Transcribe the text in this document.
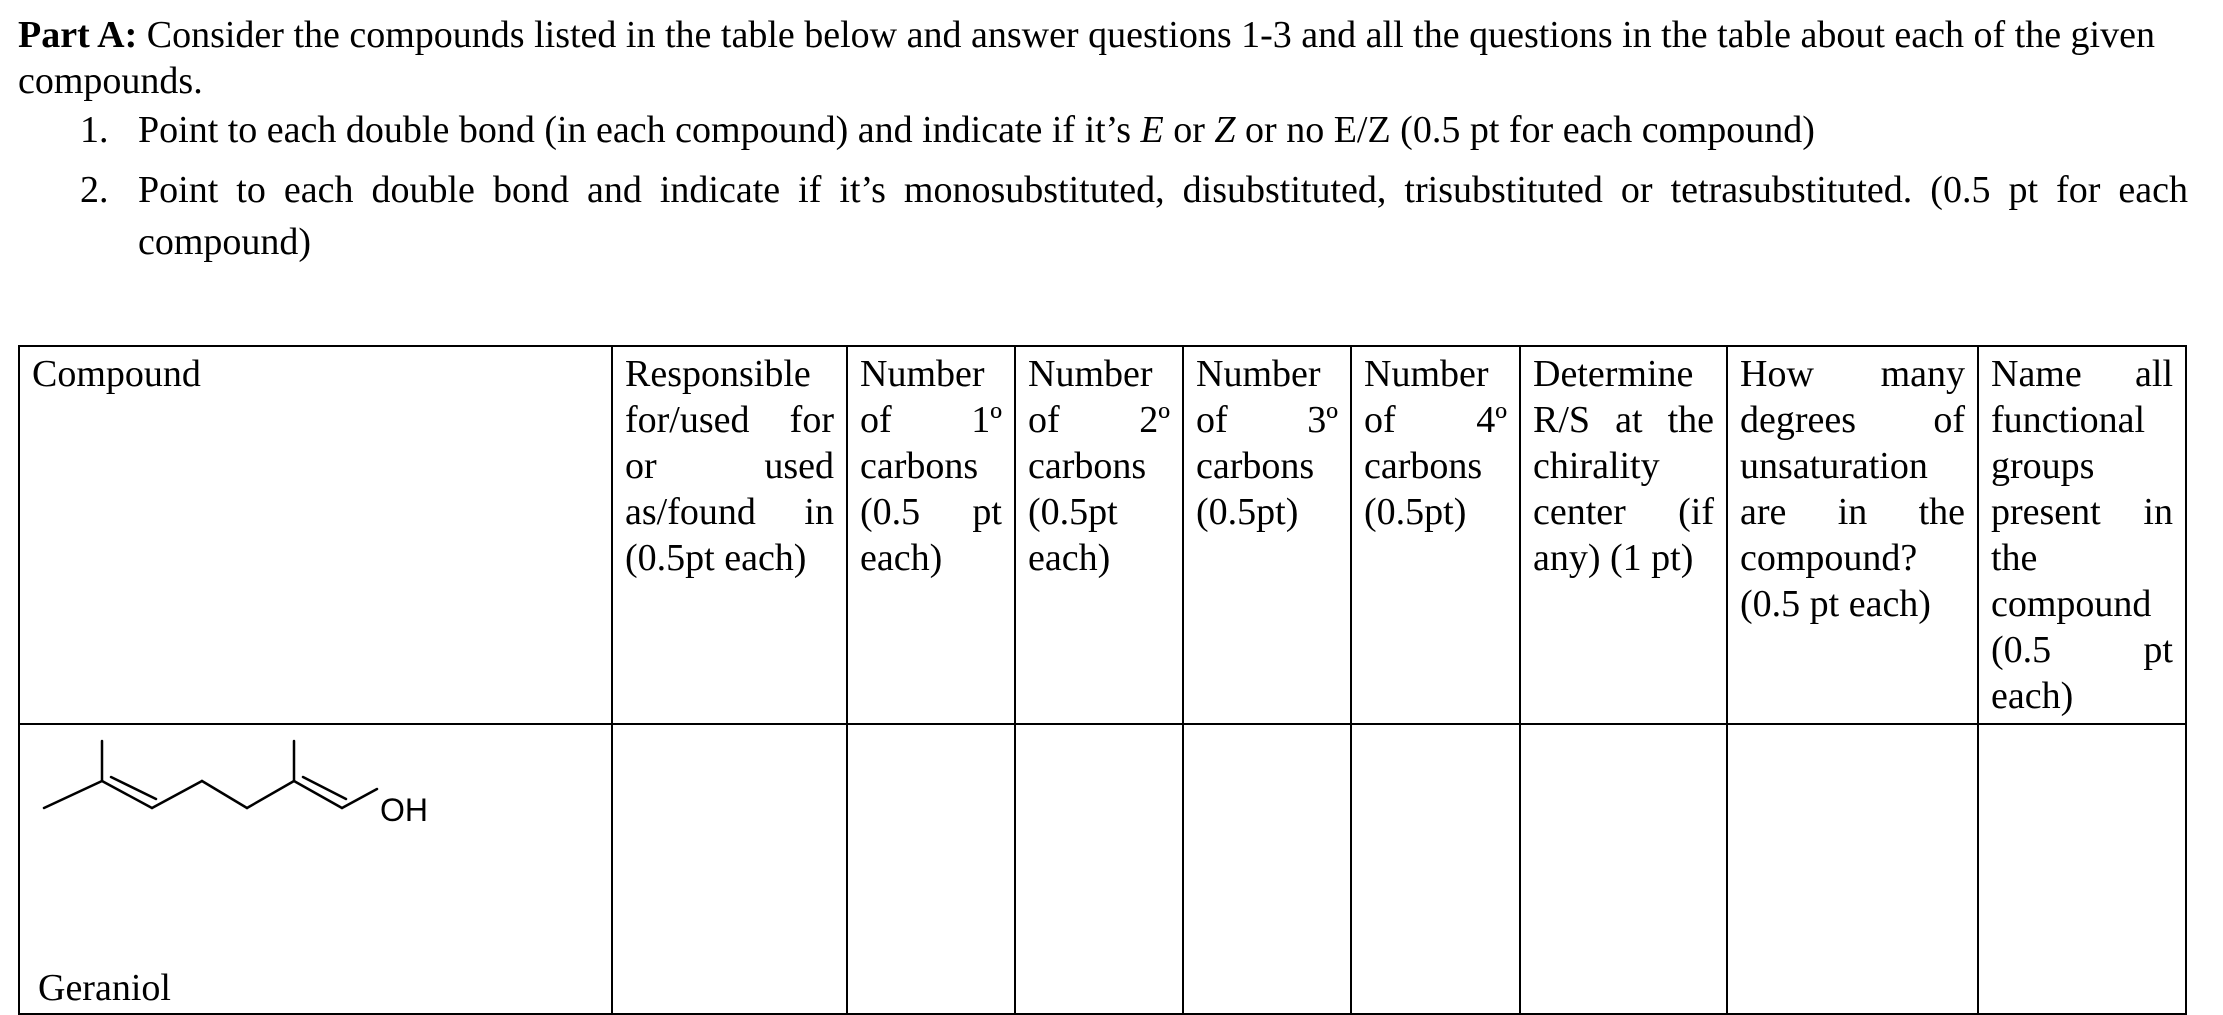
Part A: Consider the compounds listed in the table below and answer questions 1-3 and all the questions in the table about each of the given compounds.

1. Point to each double bond (in each compound) and indicate if it’s E or Z or no E/Z (0.5 pt for each compound)
2. Point to each double bond and indicate if it’s monosubstituted, disubstituted, trisubstituted or tetrasubstituted. (0.5 pt for each compound)
Compound	Responsible for/used for or used as/found in (0.5pt each)	Number of 1º carbons (0.5 pt each)	Number of 2º carbons (0.5pt each)	Number of 3º carbons (0.5pt)	Number of 4º carbons (0.5pt)	Determine R/S at the chirality center (if any) (1 pt)	How many degrees of unsaturation are in the compound? (0.5 pt each)	Name all functional groups present in the compound (0.5 pt each)

OH
Geraniol								
